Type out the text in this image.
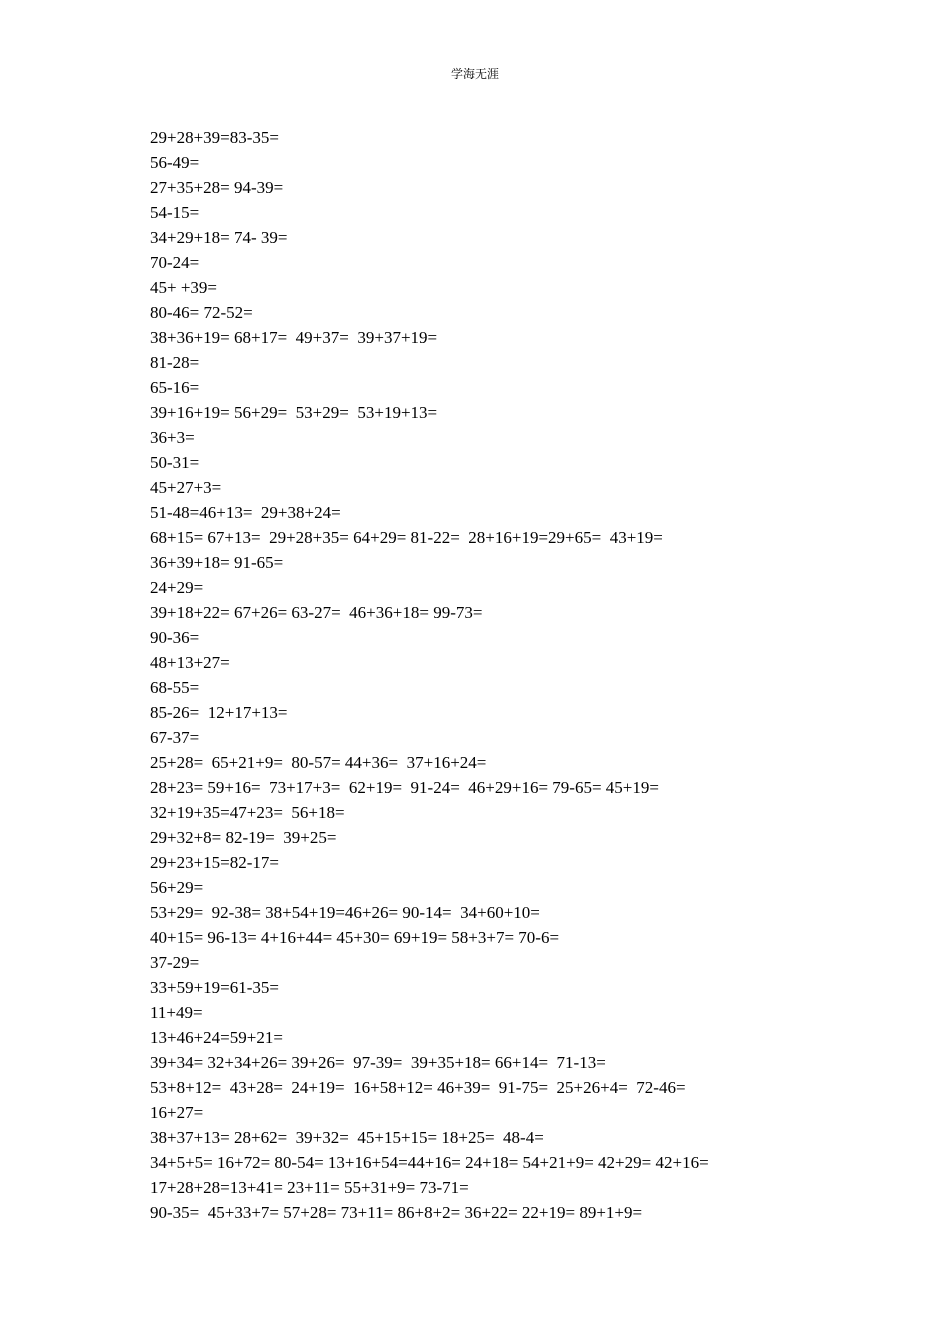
学海无涯
29+28+39=83-35=
56-49=
27+35+28= 94-39=
54-15=
34+29+18= 74- 39=
70-24=
45+ +39=
80-46= 72-52=
38+36+19= 68+17=  49+37=  39+37+19=
81-28=
65-16=
39+16+19= 56+29=  53+29=  53+19+13=
36+3=
50-31=
45+27+3=
51-48=46+13=  29+38+24=
68+15= 67+13=  29+28+35= 64+29= 81-22=  28+16+19=29+65=  43+19=
36+39+18= 91-65=
24+29=
39+18+22= 67+26= 63-27=  46+36+18= 99-73=
90-36=
48+13+27=
68-55=
85-26=  12+17+13=
67-37=
25+28=  65+21+9=  80-57= 44+36=  37+16+24=
28+23= 59+16=  73+17+3=  62+19=  91-24=  46+29+16= 79-65= 45+19=
32+19+35=47+23=  56+18=
29+32+8= 82-19=  39+25=
29+23+15=82-17=
56+29=
53+29=  92-38= 38+54+19=46+26= 90-14=  34+60+10=
40+15= 96-13= 4+16+44= 45+30= 69+19= 58+3+7= 70-6=
37-29=
33+59+19=61-35=
11+49=
13+46+24=59+21=
39+34= 32+34+26= 39+26=  97-39=  39+35+18= 66+14=  71-13=
53+8+12=  43+28=  24+19=  16+58+12= 46+39=  91-75=  25+26+4=  72-46=
16+27=
38+37+13= 28+62=  39+32=  45+15+15= 18+25=  48-4=
34+5+5= 16+72= 80-54= 13+16+54=44+16= 24+18= 54+21+9= 42+29= 42+16=
17+28+28=13+41= 23+11= 55+31+9= 73-71=
90-35=  45+33+7= 57+28= 73+11= 86+8+2= 36+22= 22+19= 89+1+9=
